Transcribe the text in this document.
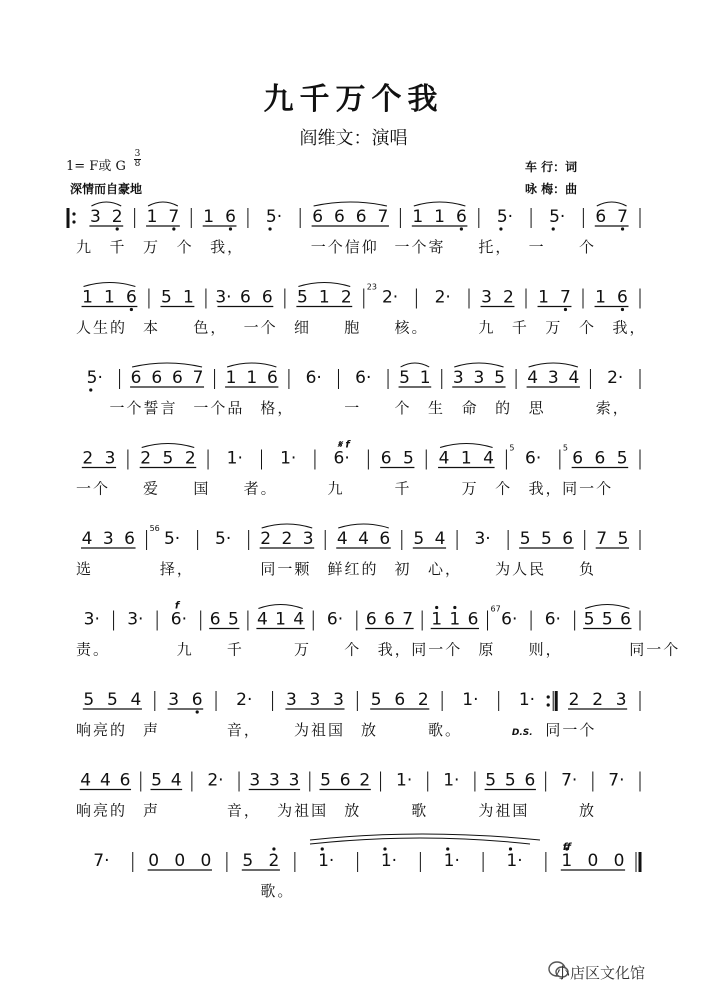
九千万个我
阎维文：演唱
1= F或 G
3
8
深情而自豪地
车 行：词
咏 梅：曲
3 2 1 7 1 6 5· 6 6 6 7 1 1 6 5· 5· 6 7
九 千 万 个 我，	一个信仰 一个寄 托， 一 个
1 1 6 5 1 3· 6 6 5 1 2 2·
23
2· 3 2 1 7 1 6
人生的 本 色， 一个 细 胞 核。	九 千 万 个 我，
5· 6 6 6 7 1 1 6 6· 6· 5 1 3 3 5 4 3 4 2·
一个誓言 一个品 格，	一 个 生 命 的 思	索，
2 3 2 5 2 1· 1· 6·
𝄋 f
6 5 4 1 4 6·
5
6 6 5
5
一个 爱 国 者。	九	千	万 个 我， 同一个
4 3 6 5·
56
5· 2 2 3 4 4 6 5 4 3· 5 5 6 7 5
选	择，	同一颗 鲜红的 初 心， 为人民 负
3· 3· 6·
f
6 5 4 1 4 6· 6 6 7 1 1 6 6·
67
6· 5 5 6
责。	九 千	万 个 我， 同一个 原 则，	同一个
5 5 4 3 6 2· 3 3 3 5 6 2 1· 1· 2 2 3
响亮的 声	音， 为祖国 放	歌。	D.S. 同一个
4 4 6 5 4 2· 3 3 3 5 6 2 1· 1· 5 5 6 7· 7·
响亮的 声	音， 为祖国 放	歌	为祖国	放
7· 0 0 0 5 2 1·	1·	1·	1· 1 0 0
ff
歌。
小店区文化馆
